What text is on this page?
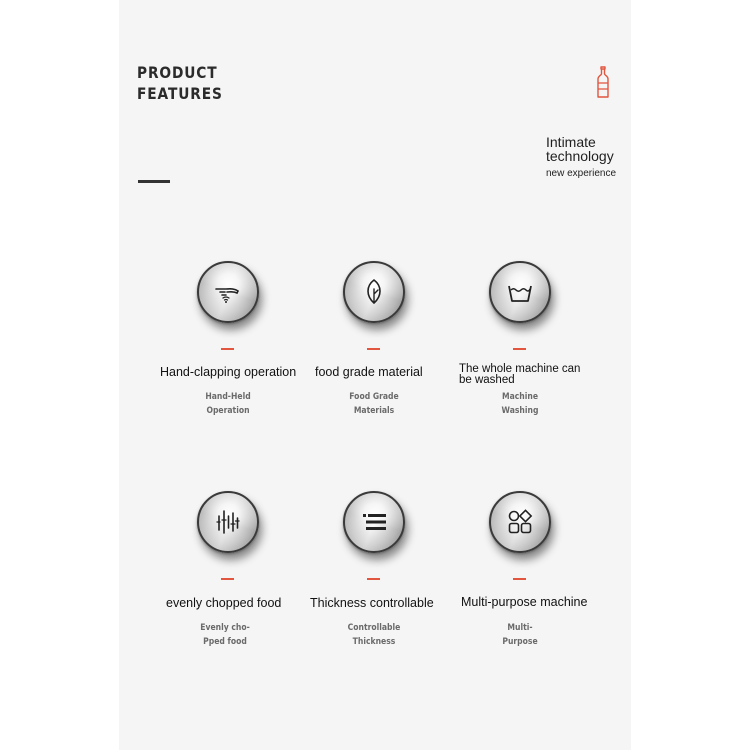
PRODUCT
FEATURES
Intimate
technology
new experience
Hand-clapping operation
Hand-Held
Operation
food grade material
Food Grade
Materials
The whole machine can be washed
Machine
Washing
evenly chopped food
Evenly cho-
Pped food
Thickness controllable
Controllable
Thickness
Multi-purpose machine
Multi-
Purpose
